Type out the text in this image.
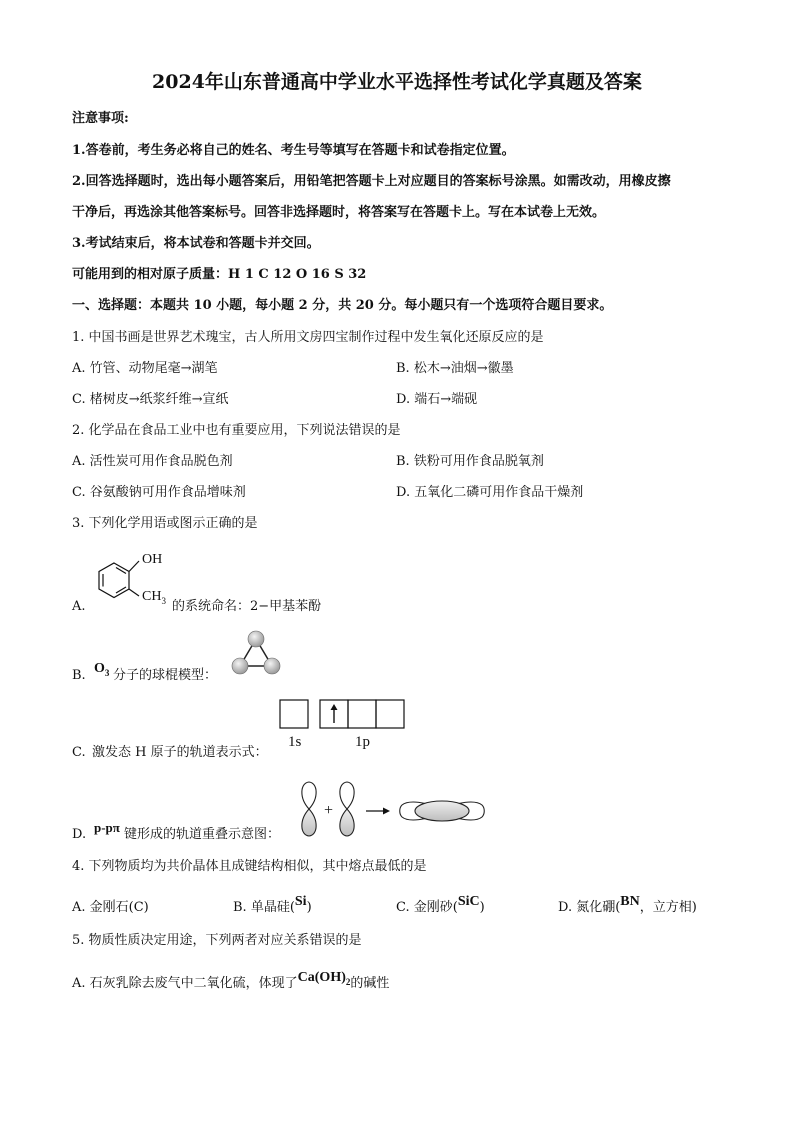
2024年山东普通高中学业水平选择性考试化学真题及答案
注意事项:
1.答卷前，考生务必将自己的姓名、考生号等填写在答题卡和试卷指定位置。
2.回答选择题时，选出每小题答案后，用铅笔把答题卡上对应题目的答案标号涂黑。如需改动，用橡皮擦
干净后，再选涂其他答案标号。回答非选择题时，将答案写在答题卡上。写在本试卷上无效。
3.考试结束后，将本试卷和答题卡并交回。
可能用到的相对原子质量：H 1 C 12 O 16 S 32
一、选择题：本题共 10 小题，每小题 2 分，共 20 分。每小题只有一个选项符合题目要求。
1. 中国书画是世界艺术瑰宝，古人所用文房四宝制作过程中发生氧化还原反应的是
A. 竹管、动物尾毫→湖笔	B. 松木→油烟→徽墨
C. 楮树皮→纸浆纤维→宣纸	D. 端石→端砚
2. 化学品在食品工业中也有重要应用，下列说法错误的是
A. 活性炭可用作食品脱色剂	B. 铁粉可用作食品脱氧剂
C. 谷氨酸钠可用作食品增味剂	D. 五氧化二磷可用作食品干燥剂
3. 下列化学用语或图示正确的是
A.
OH
$CH_3$ 的系统命名：2−甲基苯酚
B. $O_3$ 分子的球棍模型：
C. 激发态 H 原子的轨道表示式：
1s	1p
D. p-pπ 键形成的轨道重叠示意图：
+
4. 下列物质均为共价晶体且成键结构相似，其中熔点最低的是
A. 金刚石(C)	B. 单晶硅(Si)	C. 金刚砂(SiC)	D. 氮化硼(BN，立方相)
5. 物质性质决定用途，下列两者对应关系错误的是
A. 石灰乳除去废气中二氧化硫，体现了$Ca(OH)_2$的碱性
